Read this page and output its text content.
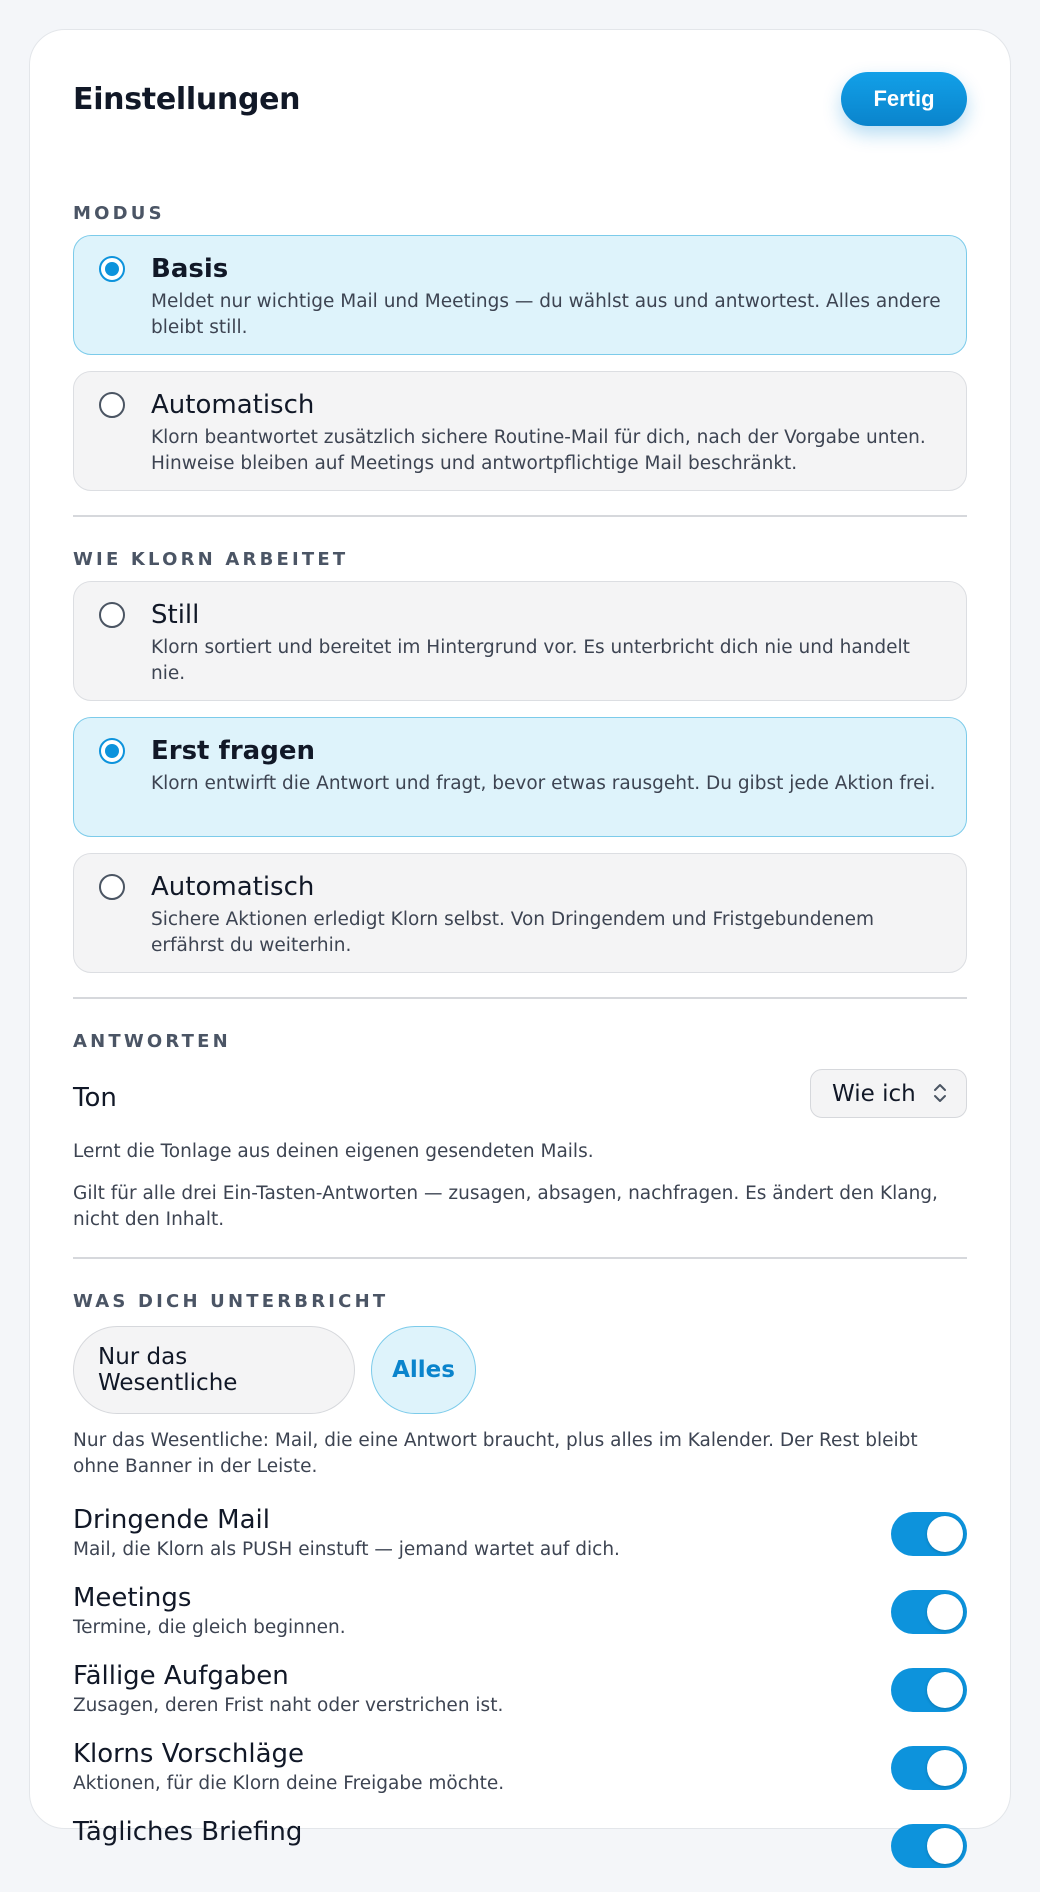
Einstellungen	Fertig
MODUS
Basis
Meldet nur wichtige Mail und Meetings — du wählst aus und antwortest. Alles andere bleibt still.
Automatisch
Klorn beantwortet zusätzlich sichere Routine-Mail für dich, nach der Vorgabe unten. Hinweise bleiben auf Meetings und antwortpflichtige Mail beschränkt.
WIE KLORN ARBEITET
Still
Klorn sortiert und bereitet im Hintergrund vor. Es unterbricht dich nie und handelt nie.
Erst fragen
Klorn entwirft die Antwort und fragt, bevor etwas rausgeht. Du gibst jede Aktion frei.
Automatisch
Sichere Aktionen erledigt Klorn selbst. Von Dringendem und Fristgebundenem erfährst du weiterhin.
ANTWORTEN
Ton	Wie ich
Lernt die Tonlage aus deinen eigenen gesendeten Mails.
Gilt für alle drei Ein-Tasten-Antworten — zusagen, absagen, nachfragen. Es ändert den Klang, nicht den Inhalt.
WAS DICH UNTERBRICHT
Nur das Wesentliche	Alles
Nur das Wesentliche: Mail, die eine Antwort braucht, plus alles im Kalender. Der Rest bleibt ohne Banner in der Leiste.
Dringende Mail
Mail, die Klorn als PUSH einstuft — jemand wartet auf dich.
Meetings
Termine, die gleich beginnen.
Fällige Aufgaben
Zusagen, deren Frist naht oder verstrichen ist.
Klorns Vorschläge
Aktionen, für die Klorn deine Freigabe möchte.
Tägliches Briefing
